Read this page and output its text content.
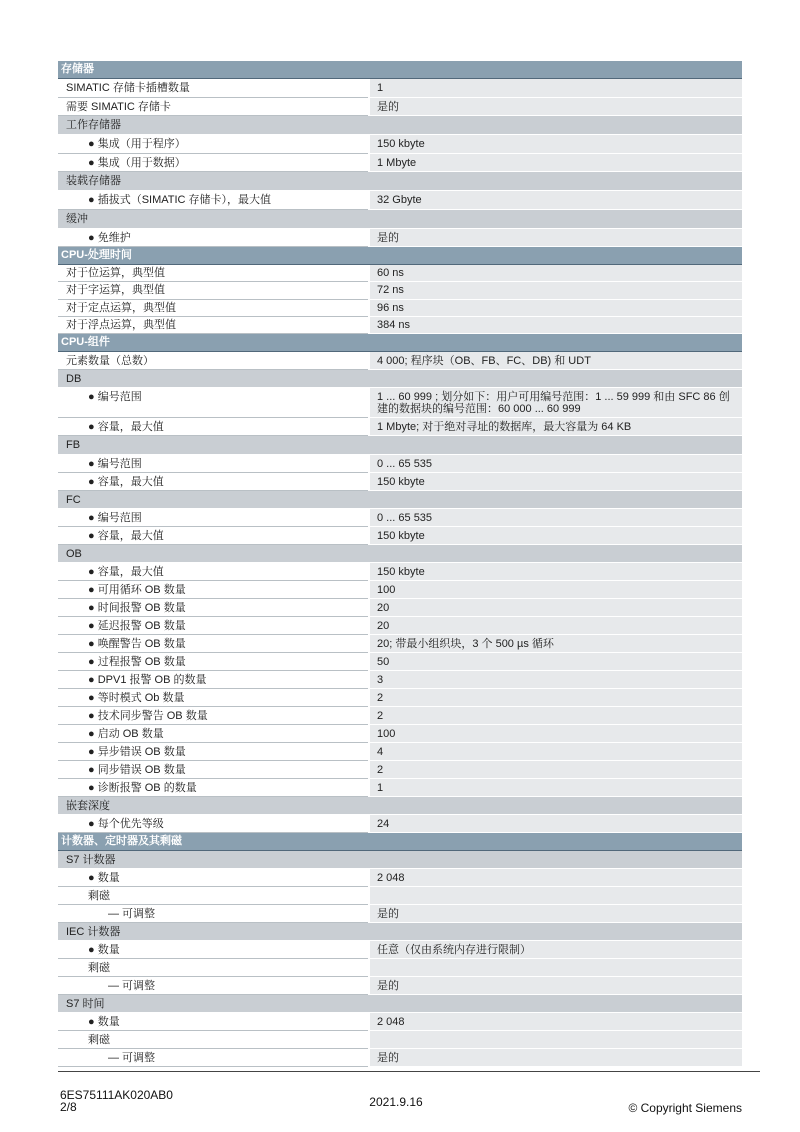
存储器
SIMATIC 存储卡插槽数量	1
需要 SIMATIC 存储卡	是的
工作存储器
● 集成（用于程序）	150 kbyte
● 集成（用于数据）	1 Mbyte
装载存储器
● 插拔式（SIMATIC 存储卡），最大值	32 Gbyte
缓冲
● 免维护	是的
CPU-处理时间
对于位运算，典型值	60 ns
对于字运算，典型值	72 ns
对于定点运算，典型值	96 ns
对于浮点运算，典型值	384 ns
CPU-组件
元素数量（总数）	4 000; 程序块（OB、FB、FC、DB) 和 UDT
DB
● 编号范围	1 ... 60 999 ; 划分如下：用户可用编号范围：1 ... 59 999 和由 SFC 86 创建的数据块的编号范围：60 000 ... 60 999
● 容量，最大值	1 Mbyte; 对于绝对寻址的数据库，最大容量为 64 KB
FB
● 编号范围	0 ... 65 535
● 容量，最大值	150 kbyte
FC
● 编号范围	0 ... 65 535
● 容量，最大值	150 kbyte
OB
● 容量，最大值	150 kbyte
● 可用循环 OB 数量	100
● 时间报警 OB 数量	20
● 延迟报警 OB 数量	20
● 唤醒警告 OB 数量	20; 带最小组织块，3 个 500 µs 循环
● 过程报警 OB 数量	50
● DPV1 报警 OB 的数量	3
● 等时模式 Ob 数量	2
● 技术同步警告 OB 数量	2
● 启动 OB 数量	100
● 异步错误 OB 数量	4
● 同步错误 OB 数量	2
● 诊断报警 OB 的数量	1
嵌套深度
● 每个优先等级	24
计数器、定时器及其剩磁
S7 计数器
● 数量	2 048
剩磁
— 可调整	是的
IEC 计数器
● 数量	任意（仅由系统内存进行限制）
剩磁
— 可调整	是的
S7 时间
● 数量	2 048
剩磁
— 可调整	是的
6ES75111AK020AB0
2/8	2021.9.16	© Copyright Siemens
